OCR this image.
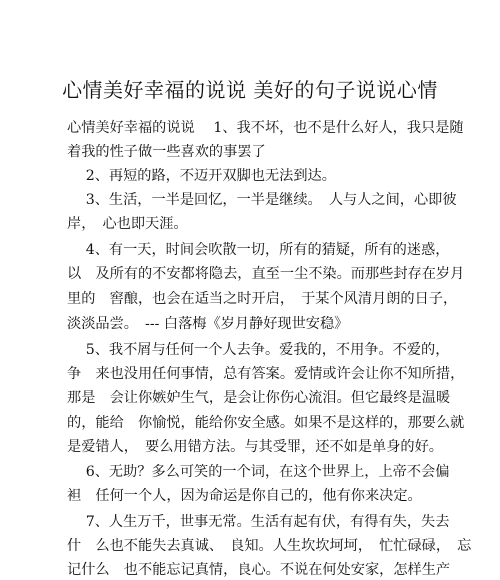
心情美好幸福的说说 美好的句子说说心情
心情美好幸福的说说　 1、我不坏，也不是什么好人，我只是随
着我的性子做一些喜欢的事罢了
　 2、再短的路，不迈开双脚也无法到达。
　 3、生活，一半是回忆，一半是继续。　人与人之间，心即彼
岸，　心也即天涯。
　 4、有一天，时间会吹散一切，所有的猜疑，所有的迷惑，
以　及所有的不安都将隐去，直至一尘不染。而那些封存在岁月
里的　窖酿，也会在适当之时开启，　于某个风清月朗的日子，
淡淡品尝。　--- 白落梅《岁月静好现世安稳》
　 5、我不屑与任何一个人去争。爱我的，不用争。不爱的，
争　来也没用任何事情，总有答案。爱情或许会让你不知所措，
那是　会让你嫉妒生气，是会让你伤心流泪。但它最终是温暖
的，能给　你愉悦，能给你安全感。如果不是这样的，那要么就
是爱错人，　要么用错方法。与其受罪，还不如是单身的好。
　 6、无助？多么可笑的一个词，在这个世界上，上帝不会偏
袒　任何一个人，因为命运是你自己的，他有你来决定。
　 7、人生万千，世事无常。生活有起有伏，有得有失，失去
什　么也不能失去真诚、　良知。人生坎坎坷坷，　忙忙碌碌，　忘
记什么　也不能忘记真情，良心。不说在何处安家，怎样生产
